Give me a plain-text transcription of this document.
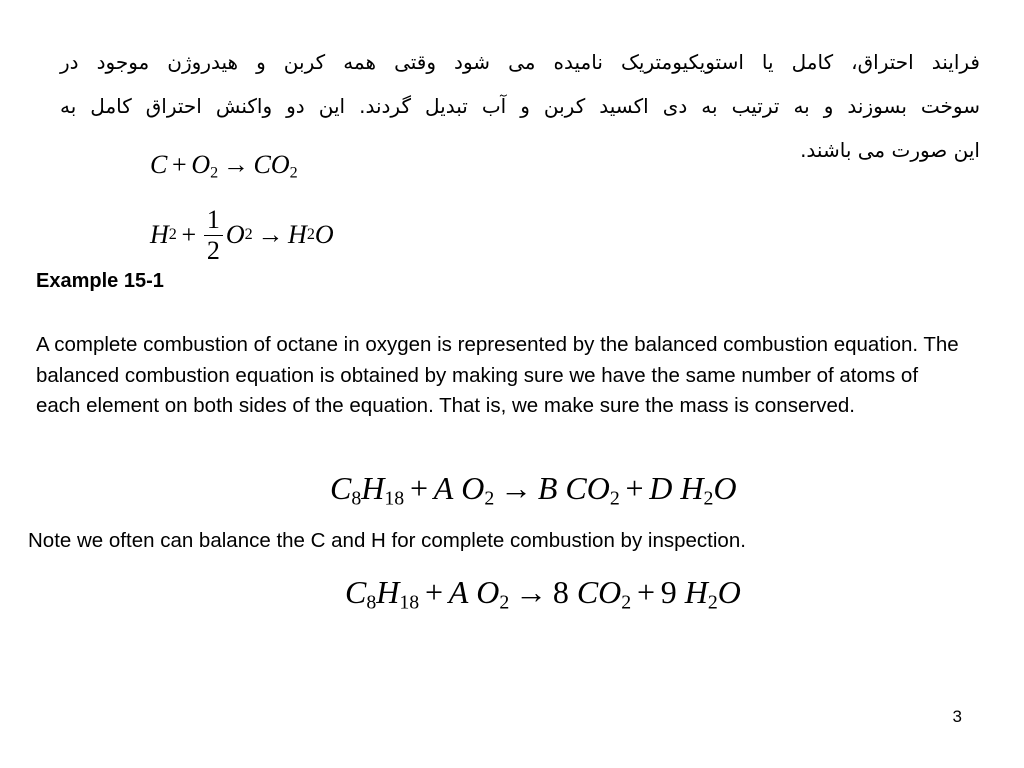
فرایند احتراق، کامل یا استویکیومتریک نامیده می شود وقتی همه کربن و هیدروژن موجود در
سوخت بسوزند و به ترتیب به دی اکسید کربن و آب تبدیل گردند. این دو واکنش احتراق کامل به
این صورت می باشند.
$C + O_2 \to CO_2$
H $2 + \frac{1}{2}$ O 2 → H 2 O
Example 15-1
A complete combustion of octane in oxygen is represented by the balanced combustion equation. The balanced combustion equation is obtained by making sure we have the same number of atoms of each element on both sides of the equation. That is, we make sure the mass is conserved.
$C_8H_{18} + A$ $O_2 \to B$ $CO_2 + D$ $H_2O$
Note we often can balance the C and H for complete combustion by inspection.
$C_8H_{18} + A$ $O_2 \to 8$ $CO_2 + 9$ $H_2O$
3
